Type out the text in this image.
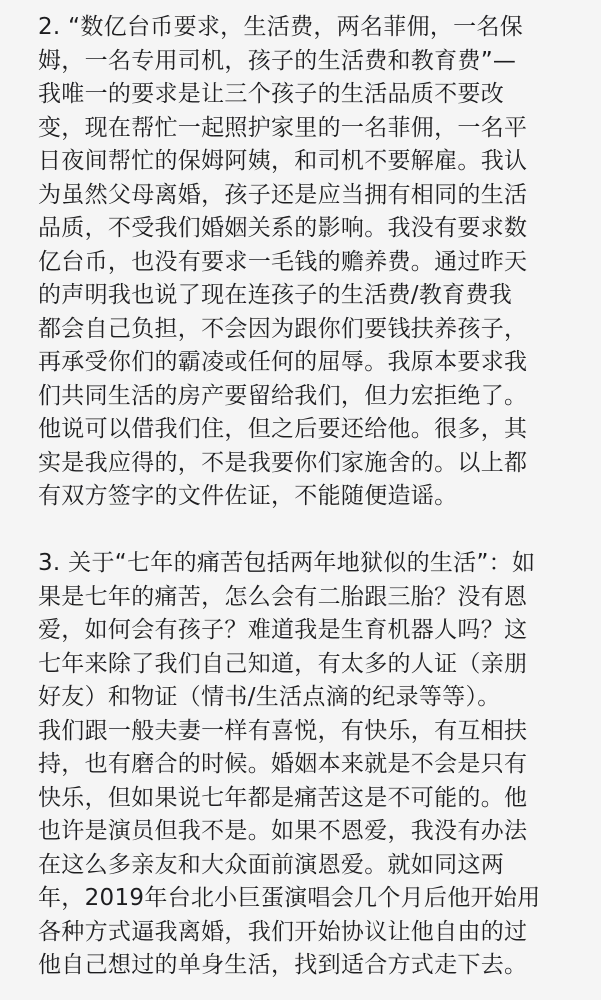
2. “数亿台币要求，生活费，两名菲佣，一名保
姆，一名专用司机，孩子的生活费和教育费”—
我唯一的要求是让三个孩子的生活品质不要改
变，现在帮忙一起照护家里的一名菲佣，一名平
日夜间帮忙的保姆阿姨，和司机不要解雇。我认
为虽然父母离婚，孩子还是应当拥有相同的生活
品质，不受我们婚姻关系的影响。我没有要求数
亿台币，也没有要求一毛钱的赡养费。通过昨天
的声明我也说了现在连孩子的生活费/教育费我
都会自己负担，不会因为跟你们要钱扶养孩子，
再承受你们的霸凌或任何的屈辱。我原本要求我
们共同生活的房产要留给我们，但力宏拒绝了。
他说可以借我们住，但之后要还给他。很多，其
实是我应得的，不是我要你们家施舍的。以上都
有双方签字的文件佐证，不能随便造谣。
3. 关于“七年的痛苦包括两年地狱似的生活”：如
果是七年的痛苦，怎么会有二胎跟三胎？没有恩
爱，如何会有孩子？难道我是生育机器人吗？这
七年来除了我们自己知道，有太多的人证（亲朋
好友）和物证（情书/生活点滴的纪录等等）。
我们跟一般夫妻一样有喜悦，有快乐，有互相扶
持，也有磨合的时候。婚姻本来就是不会是只有
快乐，但如果说七年都是痛苦这是不可能的。他
也许是演员但我不是。如果不恩爱，我没有办法
在这么多亲友和大众面前演恩爱。就如同这两
年，2019年台北小巨蛋演唱会几个月后他开始用
各种方式逼我离婚，我们开始协议让他自由的过
他自己想过的单身生活，找到适合方式走下去。
